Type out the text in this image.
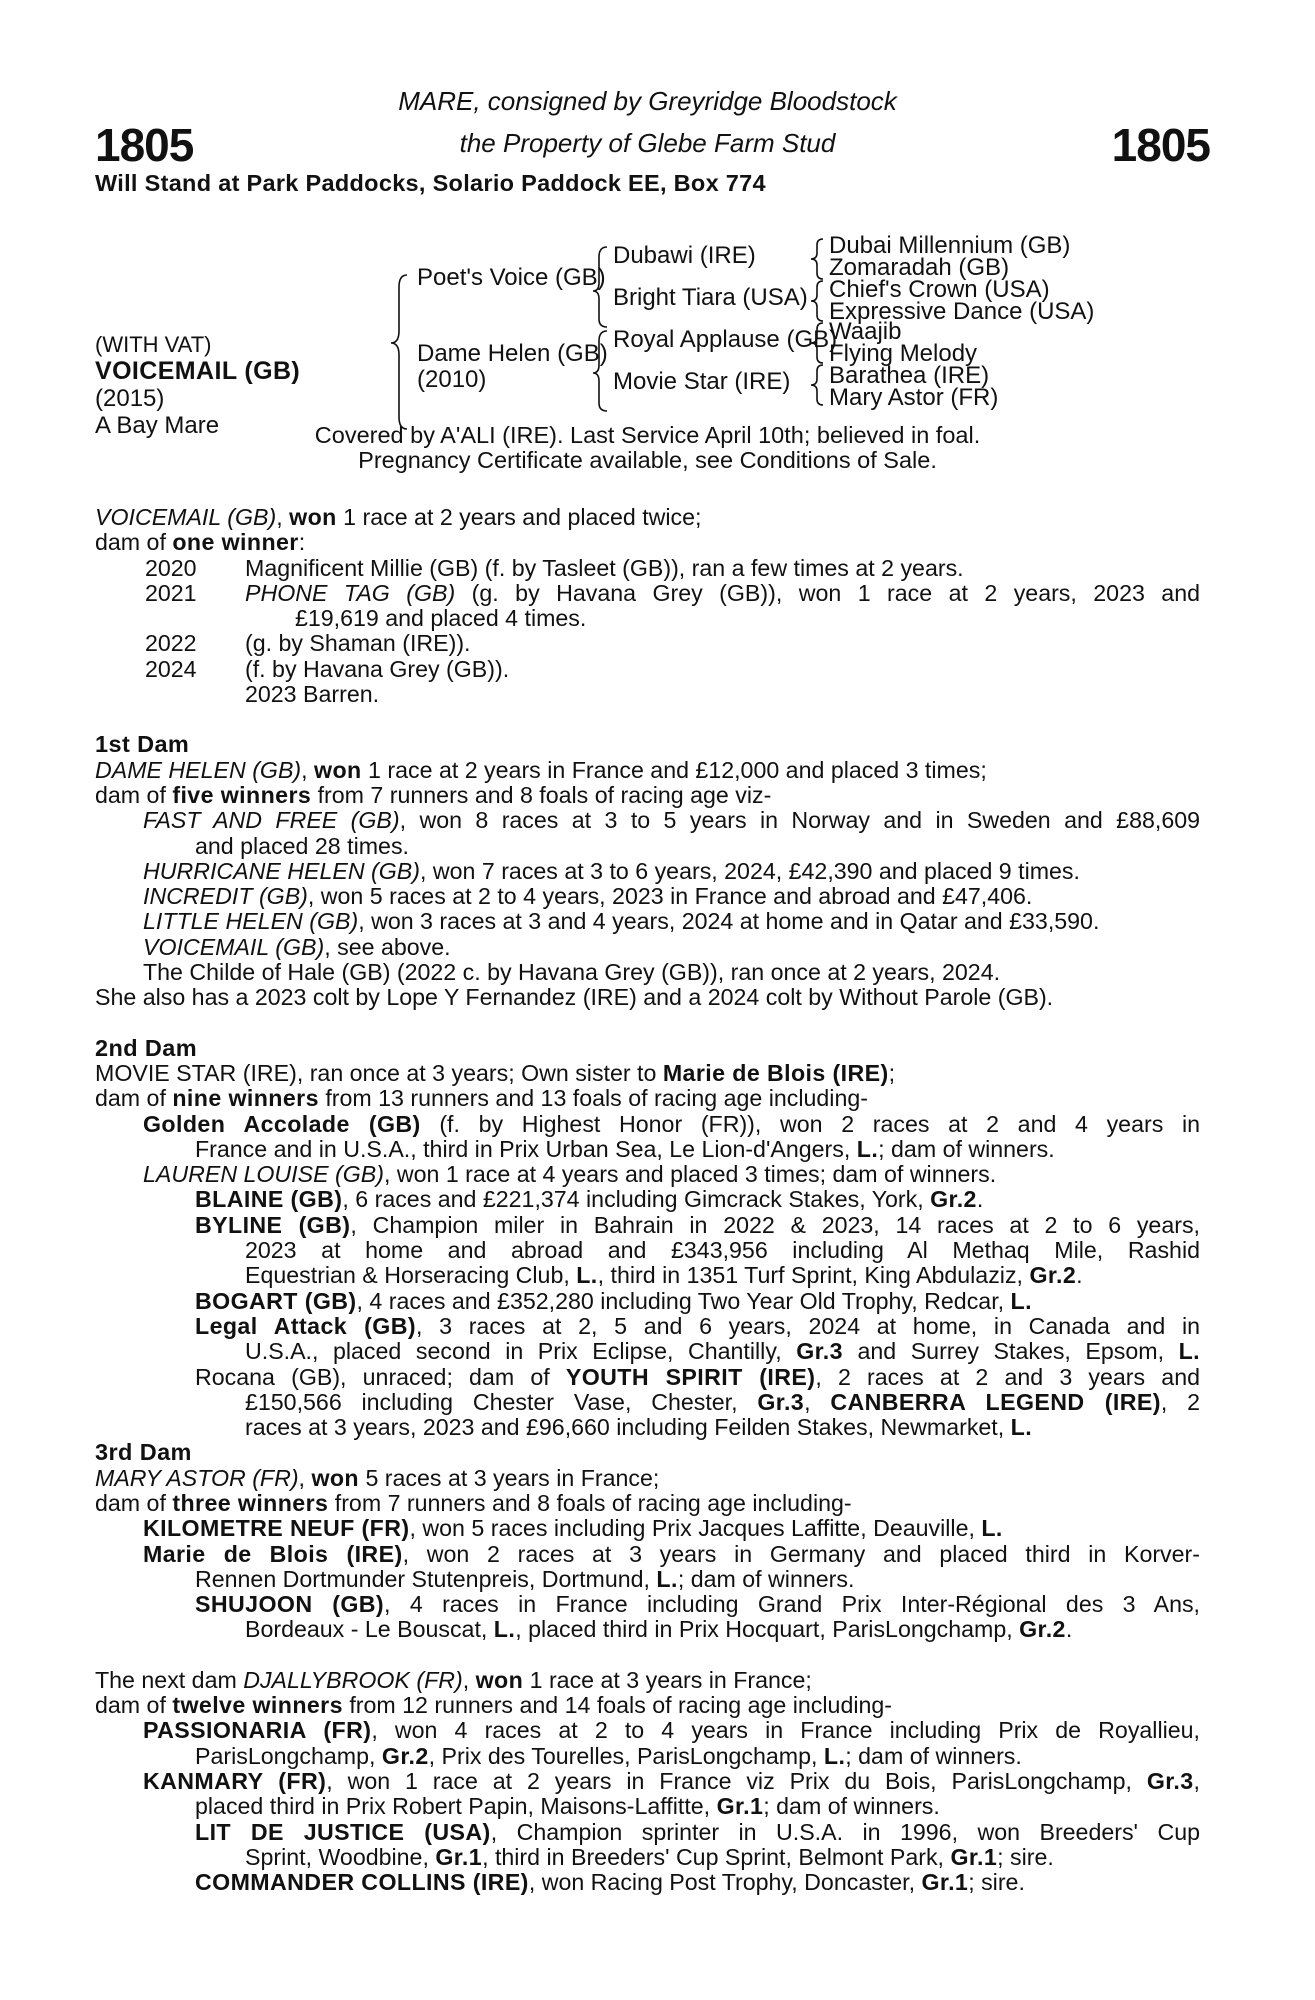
1805	1805
MARE, consigned by Greyridge Bloodstock
the Property of Glebe Farm Stud
Will Stand at Park Paddocks, Solario Paddock EE, Box 774
(WITH VAT)
VOICEMAIL (GB)
(2015)
A Bay Mare
Poet's Voice (GB)
Dame Helen (GB)
(2010)
Dubawi (IRE)
Bright Tiara (USA)
Royal Applause (GB)
Movie Star (IRE)
Dubai Millennium (GB)
Zomaradah (GB)
Chief's Crown (USA)
Expressive Dance (USA)
Waajib
Flying Melody
Barathea (IRE)
Mary Astor (FR)
Covered by A'ALI (IRE). Last Service April 10th; believed in foal.
Pregnancy Certificate available, see Conditions of Sale.
VOICEMAIL (GB), won 1 race at 2 years and placed twice;
dam of one winner:
2020	Magnificent Millie (GB) (f. by Tasleet (GB)), ran a few times at 2 years.
2021	PHONE TAG (GB) (g. by Havana Grey (GB)), won 1 race at 2 years, 2023 and
£19,619 and placed 4 times.
2022	(g. by Shaman (IRE)).
2024	(f. by Havana Grey (GB)).
2023 Barren.
1st Dam
DAME HELEN (GB), won 1 race at 2 years in France and £12,000 and placed 3 times;
dam of five winners from 7 runners and 8 foals of racing age viz-
FAST AND FREE (GB), won 8 races at 3 to 5 years in Norway and in Sweden and £88,609
and placed 28 times.
HURRICANE HELEN (GB), won 7 races at 3 to 6 years, 2024, £42,390 and placed 9 times.
INCREDIT (GB), won 5 races at 2 to 4 years, 2023 in France and abroad and £47,406.
LITTLE HELEN (GB), won 3 races at 3 and 4 years, 2024 at home and in Qatar and £33,590.
VOICEMAIL (GB), see above.
The Childe of Hale (GB) (2022 c. by Havana Grey (GB)), ran once at 2 years, 2024.
She also has a 2023 colt by Lope Y Fernandez (IRE) and a 2024 colt by Without Parole (GB).
2nd Dam
MOVIE STAR (IRE), ran once at 3 years; Own sister to Marie de Blois (IRE);
dam of nine winners from 13 runners and 13 foals of racing age including-
Golden Accolade (GB) (f. by Highest Honor (FR)), won 2 races at 2 and 4 years in
France and in U.S.A., third in Prix Urban Sea, Le Lion-d'Angers, L.; dam of winners.
LAUREN LOUISE (GB), won 1 race at 4 years and placed 3 times; dam of winners.
BLAINE (GB), 6 races and £221,374 including Gimcrack Stakes, York, Gr.2.
BYLINE (GB), Champion miler in Bahrain in 2022 & 2023, 14 races at 2 to 6 years,
2023 at home and abroad and £343,956 including Al Methaq Mile, Rashid
Equestrian & Horseracing Club, L., third in 1351 Turf Sprint, King Abdulaziz, Gr.2.
BOGART (GB), 4 races and £352,280 including Two Year Old Trophy, Redcar, L.
Legal Attack (GB), 3 races at 2, 5 and 6 years, 2024 at home, in Canada and in
U.S.A., placed second in Prix Eclipse, Chantilly, Gr.3 and Surrey Stakes, Epsom, L.
Rocana (GB), unraced; dam of YOUTH SPIRIT (IRE), 2 races at 2 and 3 years and
£150,566 including Chester Vase, Chester, Gr.3, CANBERRA LEGEND (IRE), 2
races at 3 years, 2023 and £96,660 including Feilden Stakes, Newmarket, L.
3rd Dam
MARY ASTOR (FR), won 5 races at 3 years in France;
dam of three winners from 7 runners and 8 foals of racing age including-
KILOMETRE NEUF (FR), won 5 races including Prix Jacques Laffitte, Deauville, L.
Marie de Blois (IRE), won 2 races at 3 years in Germany and placed third in Korver-
Rennen Dortmunder Stutenpreis, Dortmund, L.; dam of winners.
SHUJOON (GB), 4 races in France including Grand Prix Inter-Régional des 3 Ans,
Bordeaux - Le Bouscat, L., placed third in Prix Hocquart, ParisLongchamp, Gr.2.
The next dam DJALLYBROOK (FR), won 1 race at 3 years in France;
dam of twelve winners from 12 runners and 14 foals of racing age including-
PASSIONARIA (FR), won 4 races at 2 to 4 years in France including Prix de Royallieu,
ParisLongchamp, Gr.2, Prix des Tourelles, ParisLongchamp, L.; dam of winners.
KANMARY (FR), won 1 race at 2 years in France viz Prix du Bois, ParisLongchamp, Gr.3,
placed third in Prix Robert Papin, Maisons-Laffitte, Gr.1; dam of winners.
LIT DE JUSTICE (USA), Champion sprinter in U.S.A. in 1996, won Breeders' Cup
Sprint, Woodbine, Gr.1, third in Breeders' Cup Sprint, Belmont Park, Gr.1; sire.
COMMANDER COLLINS (IRE), won Racing Post Trophy, Doncaster, Gr.1; sire.
